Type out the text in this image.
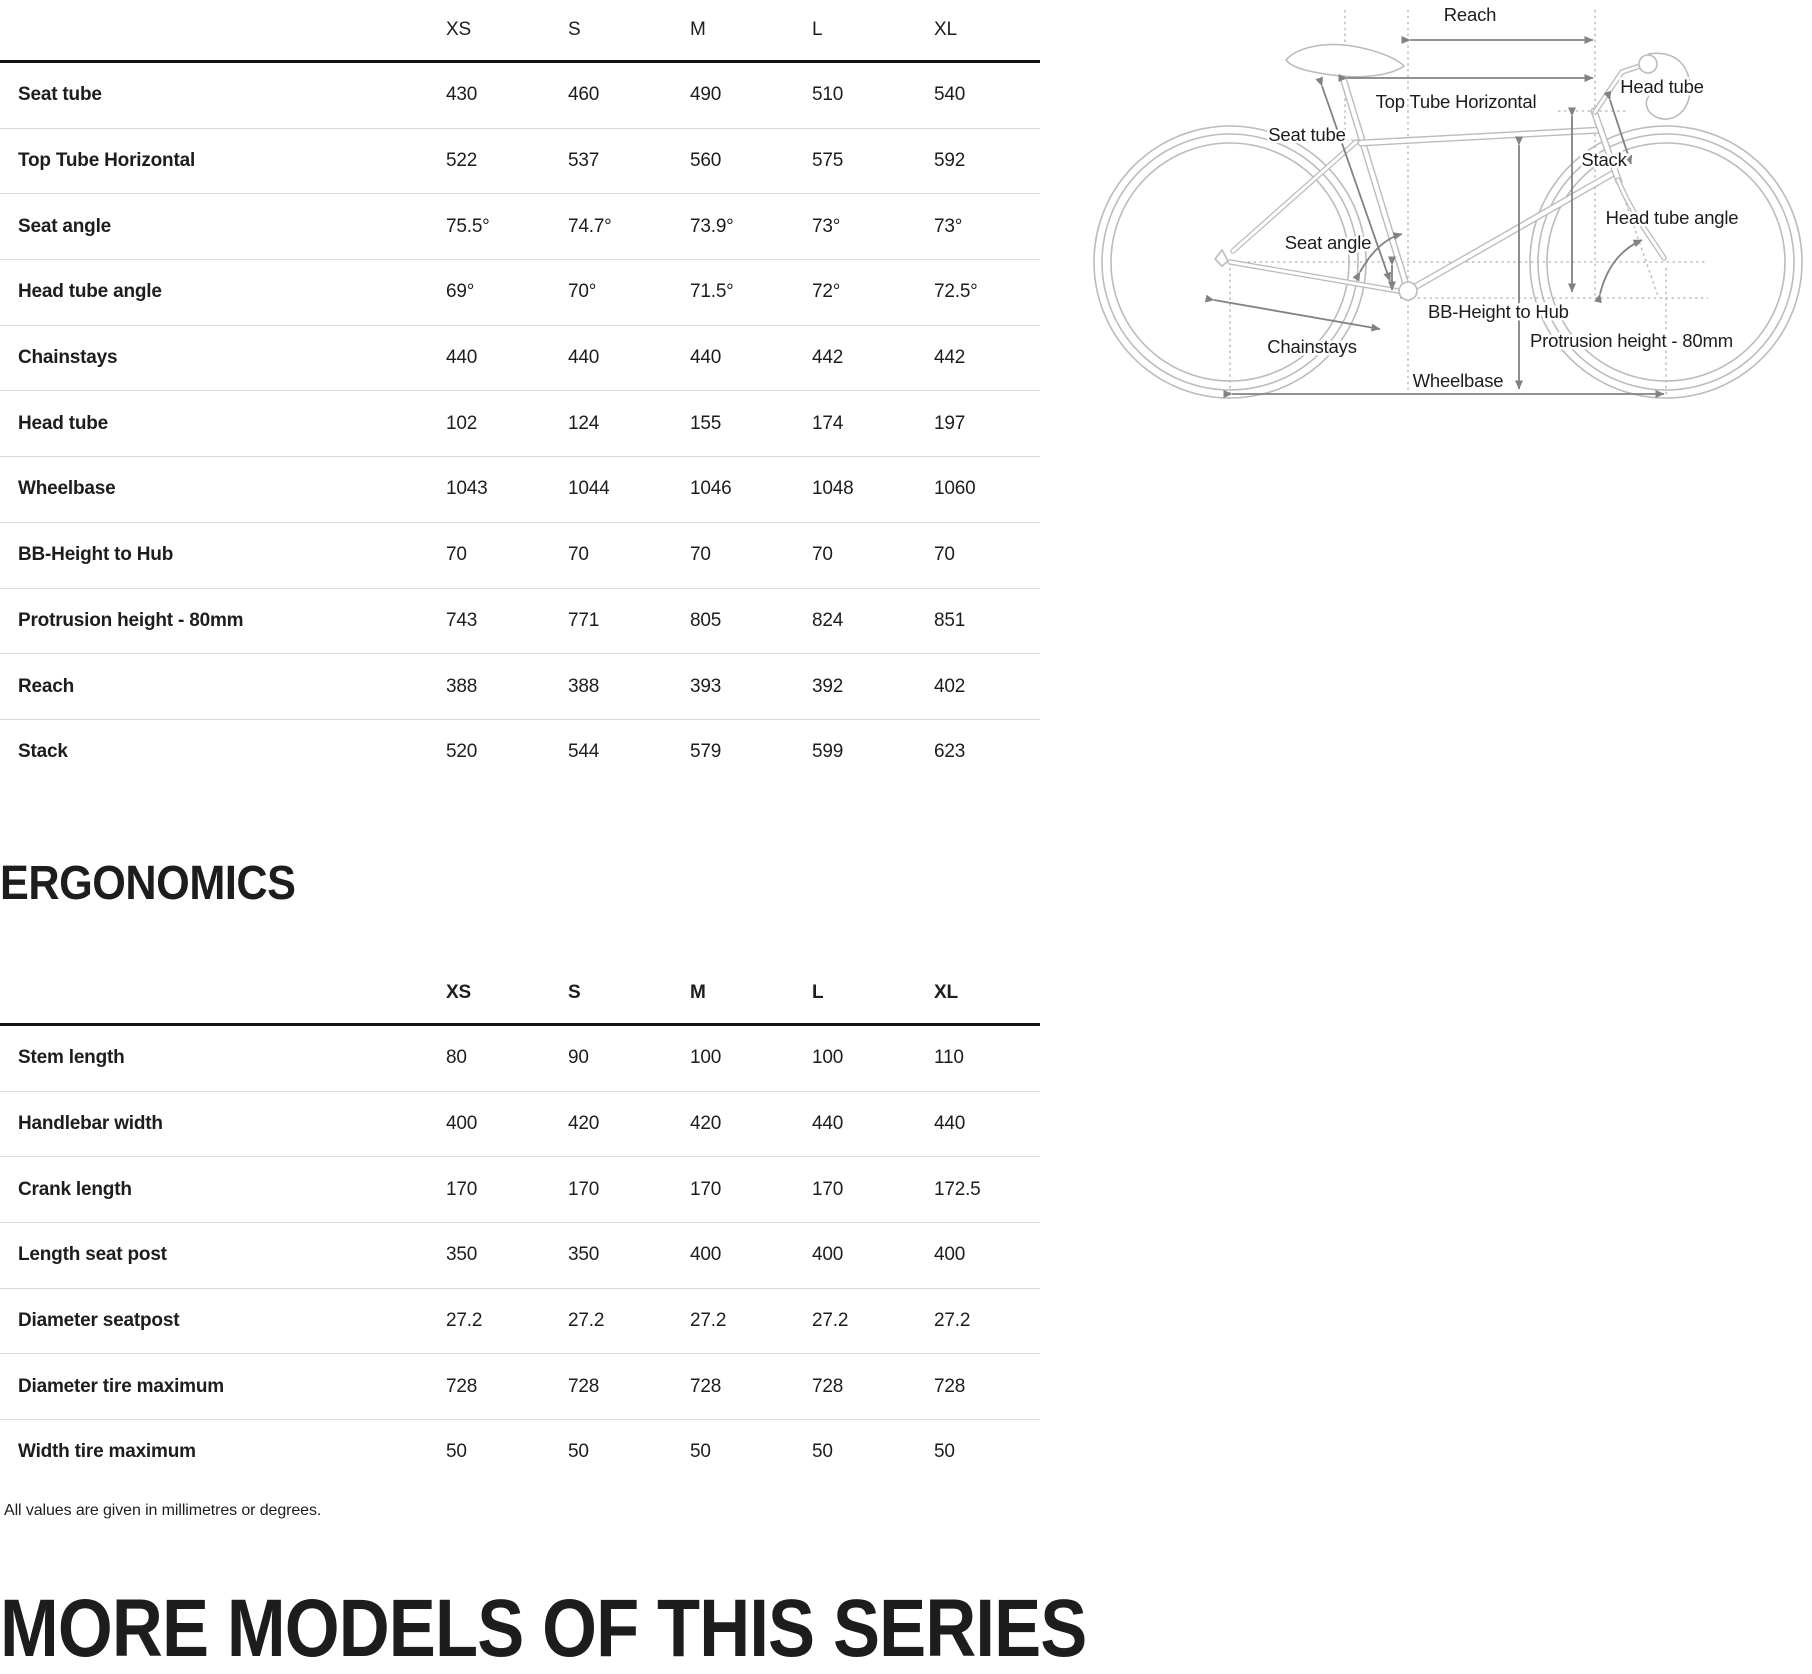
XS	S	M	L	XL
Seat tube	430	460	490	510	540
Top Tube Horizontal	522	537	560	575	592
Seat angle	75.5°	74.7°	73.9°	73°	73°
Head tube angle	69°	70°	71.5°	72°	72.5°
Chainstays	440	440	440	442	442
Head tube	102	124	155	174	197
Wheelbase	1043	1044	1046	1048	1060
BB-Height to Hub	70	70	70	70	70
Protrusion height - 80mm	743	771	805	824	851
Reach	388	388	393	392	402
Stack	520	544	579	599	623
Reach
Top Tube Horizontal
Head tube
Stack
Head tube angle
Seat tube
Seat angle
BB-Height to Hub
Chainstays	Protrusion height - 80mm
Wheelbase
ERGONOMICS
XS	S	M	L	XL
Stem length	80	90	100	100	110
Handlebar width	400	420	420	440	440
Crank length	170	170	170	170	172.5
Length seat post	350	350	400	400	400
Diameter seatpost	27.2	27.2	27.2	27.2	27.2
Diameter tire maximum	728	728	728	728	728
Width tire maximum	50	50	50	50	50
All values are given in millimetres or degrees.
MORE MODELS OF THIS SERIES
